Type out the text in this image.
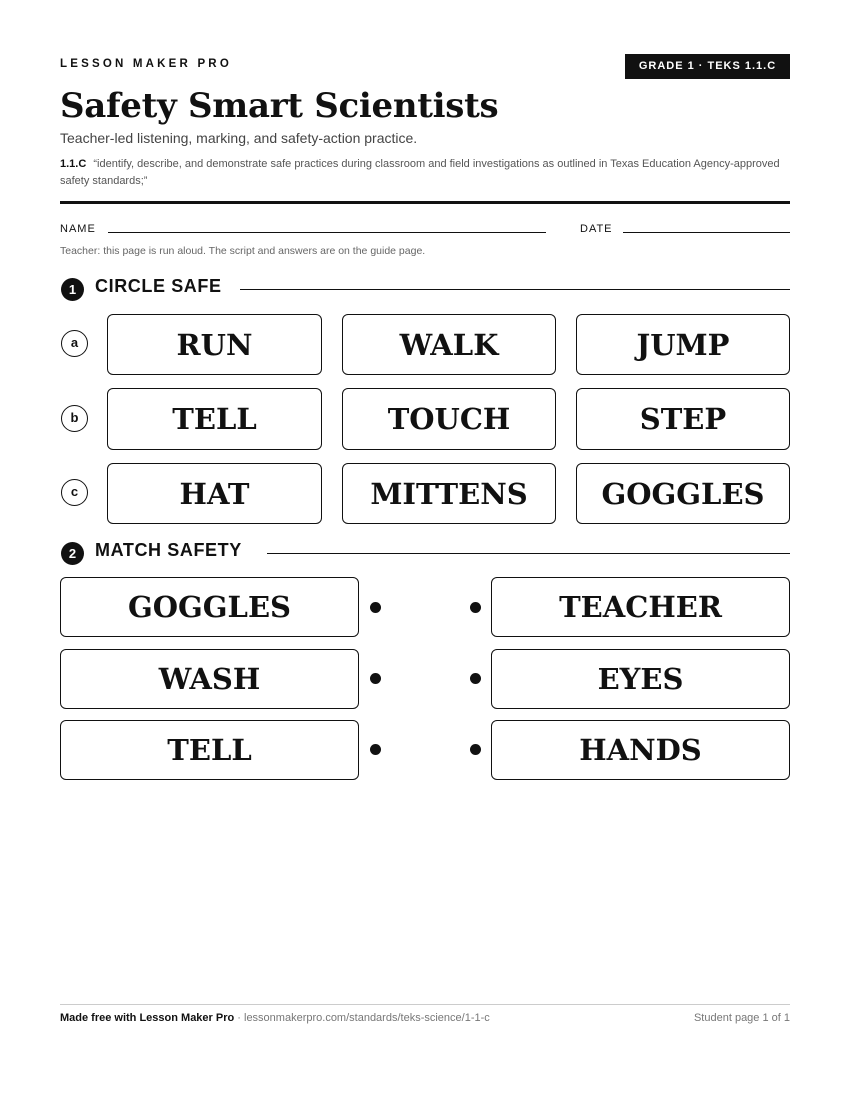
LESSON MAKER PRO	GRADE 1 · TEKS 1.1.C
Safety Smart Scientists
Teacher-led listening, marking, and safety-action practice.
1.1.C “identify, describe, and demonstrate safe practices during classroom and field investigations as outlined in Texas Education Agency-approved safety standards;”
NAME	DATE
Teacher: this page is run aloud. The script and answers are on the guide page.
1	CIRCLE SAFE
a	RUN	WALK	JUMP
b	TELL	TOUCH	STEP
c	HAT	MITTENS	GOGGLES
2	MATCH SAFETY
GOGGLES	TEACHER
WASH	EYES
TELL	HANDS
Made free with Lesson Maker Pro · lessonmakerpro.com/standards/teks-science/1-1-c	Student page 1 of 1
